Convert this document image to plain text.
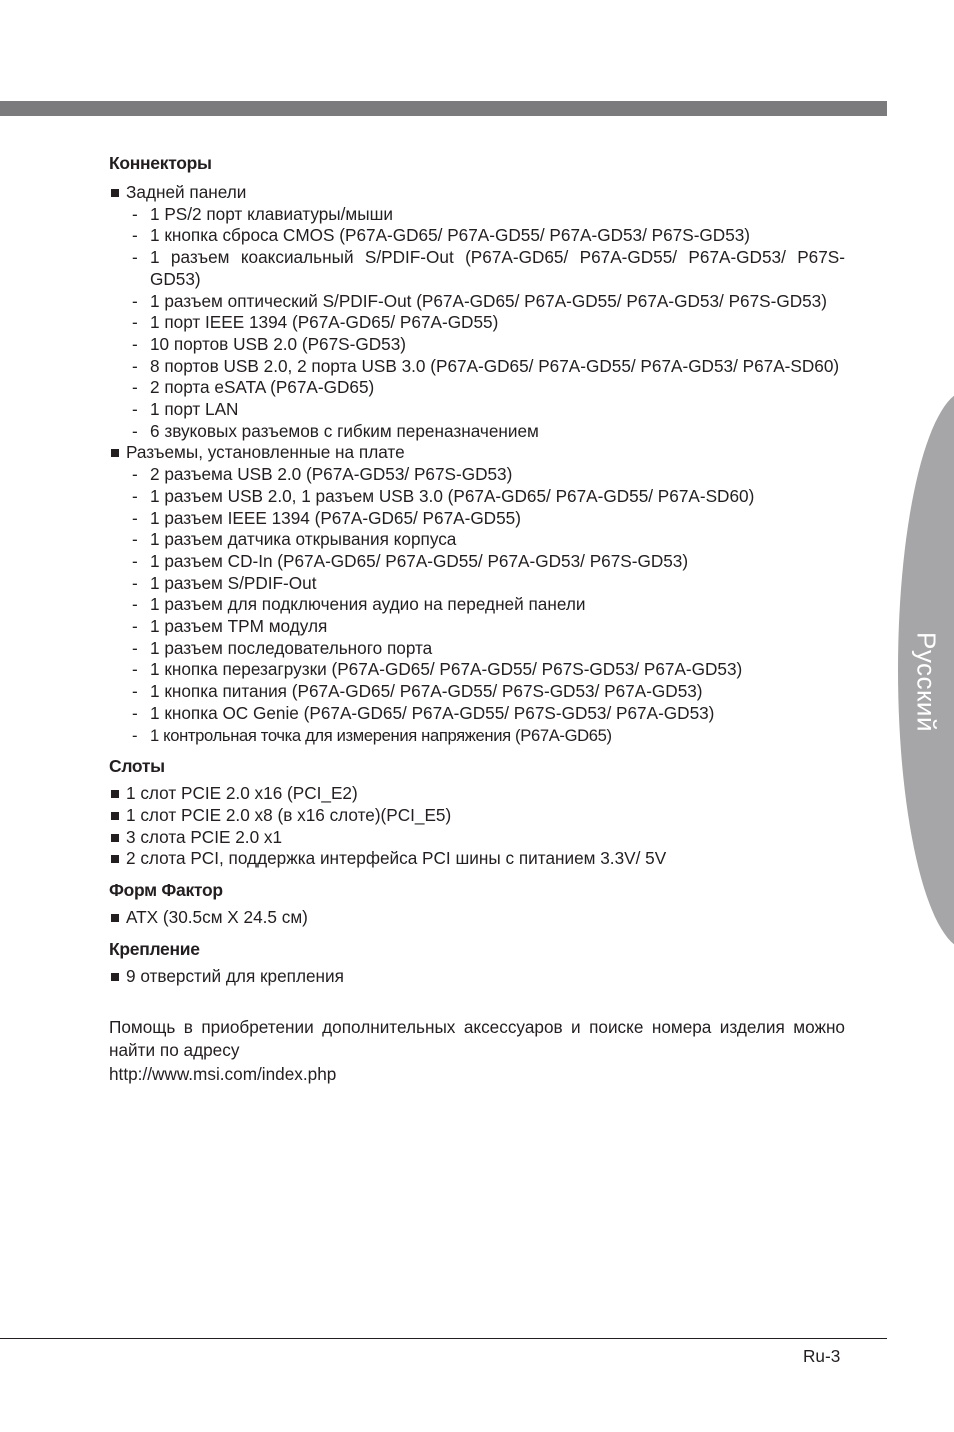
Русский
Коннекторы
Задней панели
- 1 PS/2 порт клавиатуры/мыши
- 1 кнопка сброса CMOS (P67A-GD65/ P67A-GD55/ P67A-GD53/ P67S-GD53)
- 1 разъем коаксиальный S/PDIF-Out (P67A-GD65/ P67A-GD55/ P67A-GD53/ P67S-GD53)
- 1 разъем оптический S/PDIF-Out (P67A-GD65/ P67A-GD55/ P67A-GD53/ P67S-GD53)
- 1 порт IEEE 1394 (P67A-GD65/ P67A-GD55)
- 10 портов USB 2.0 (P67S-GD53)
- 8 портов USB 2.0, 2 порта USB 3.0 (P67A-GD65/ P67A-GD55/ P67A-GD53/ P67A-SD60)
- 2 порта eSATA (P67A-GD65)
- 1 порт LAN
- 6 звуковых разъемов с гибким переназначением
Разъемы, установленные на плате
- 2 разъема USB 2.0 (P67A-GD53/ P67S-GD53)
- 1 разъем USB 2.0, 1 разъем USB 3.0 (P67A-GD65/ P67A-GD55/ P67A-SD60)
- 1 разъем IEEE 1394 (P67A-GD65/ P67A-GD55)
- 1 разъем датчика открывания корпуса
- 1 разъем CD-In (P67A-GD65/ P67A-GD55/ P67A-GD53/ P67S-GD53)
- 1 разъем S/PDIF-Out
- 1 разъем для подключения аудио на передней панели
- 1 разъем TPM модуля
- 1 разъем последовательного порта
- 1 кнопка перезагрузки (P67A-GD65/ P67A-GD55/ P67S-GD53/ P67A-GD53)
- 1 кнопка питания (P67A-GD65/ P67A-GD55/ P67S-GD53/ P67A-GD53)
- 1 кнопка OC Genie (P67A-GD65/ P67A-GD55/ P67S-GD53/ P67A-GD53)
- 1 контрольная точка для измерения напряжения (P67A-GD65)
Слоты
1 слот PCIE 2.0 x16 (PCI_E2)
1 слот PCIE 2.0 x8 (в x16 слоте)(PCI_E5)
3 слота PCIE 2.0 x1
2 слота PCI, поддержка интерфейса PCI шины с питанием 3.3V/ 5V
Форм Фактор
ATX (30.5см X 24.5 см)
Крепление
9 отверстий для крепления
Помощь в приобретении дополнительных аксессуаров и поиске номера изделия можно найти по адресу
http://www.msi.com/index.php
Ru-3
